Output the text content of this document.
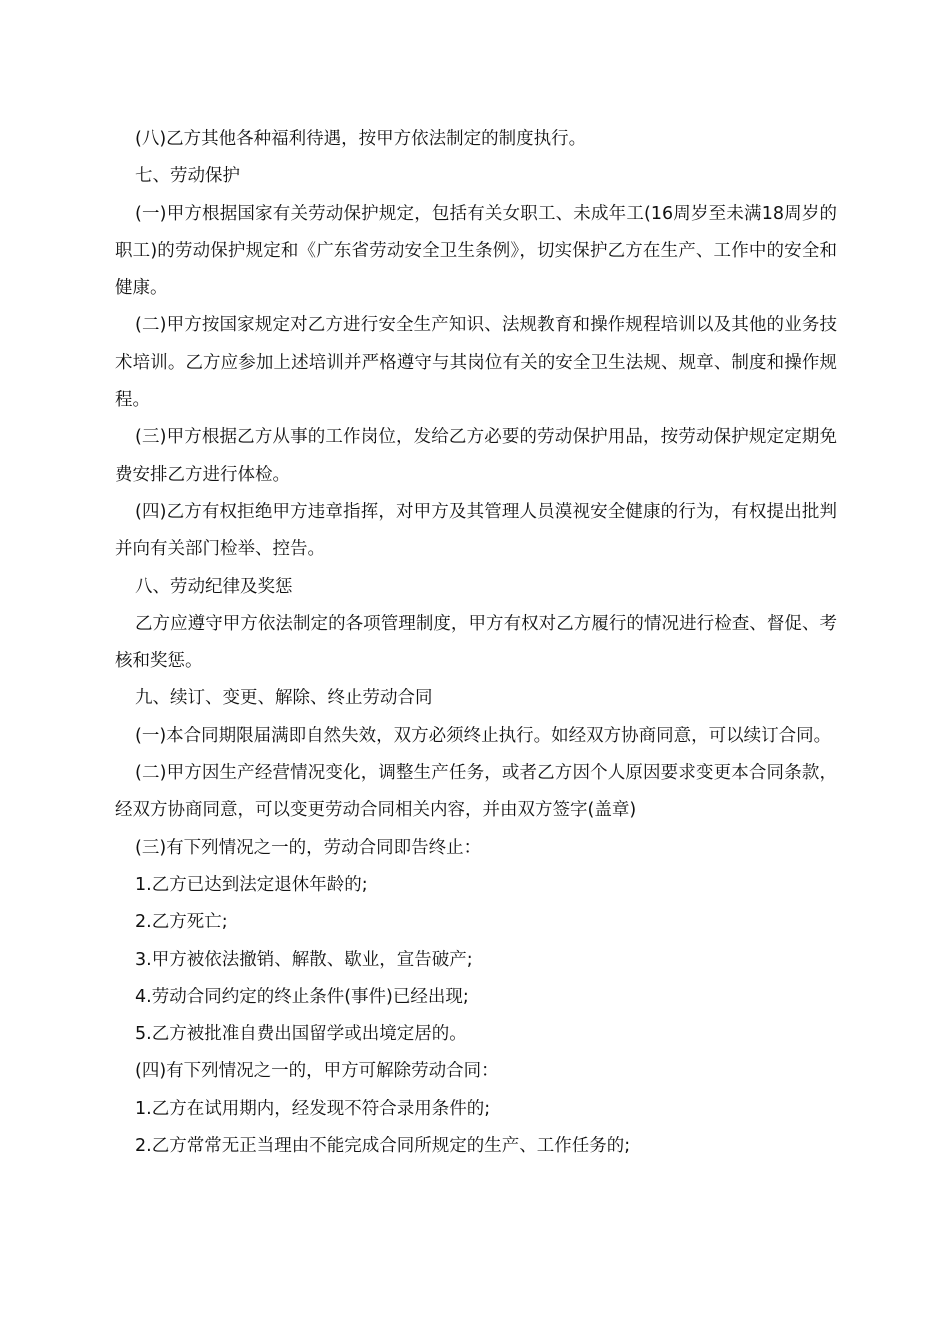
(八)乙方其他各种福利待遇，按甲方依法制定的制度执行。

七、劳动保护

(一)甲方根据国家有关劳动保护规定，包括有关女职工、未成年工(16周岁至未满18周岁的职工)的劳动保护规定和《广东省劳动安全卫生条例》，切实保护乙方在生产、工作中的安全和健康。

(二)甲方按国家规定对乙方进行安全生产知识、法规教育和操作规程培训以及其他的业务技术培训。乙方应参加上述培训并严格遵守与其岗位有关的安全卫生法规、规章、制度和操作规程。

(三)甲方根据乙方从事的工作岗位，发给乙方必要的劳动保护用品，按劳动保护规定定期免费安排乙方进行体检。

(四)乙方有权拒绝甲方违章指挥，对甲方及其管理人员漠视安全健康的行为，有权提出批判并向有关部门检举、控告。

八、劳动纪律及奖惩

乙方应遵守甲方依法制定的各项管理制度，甲方有权对乙方履行的情况进行检查、督促、考核和奖惩。

九、续订、变更、解除、终止劳动合同

(一)本合同期限届满即自然失效，双方必须终止执行。如经双方协商同意，可以续订合同。

(二)甲方因生产经营情况变化，调整生产任务，或者乙方因个人原因要求变更本合同条款，经双方协商同意，可以变更劳动合同相关内容，并由双方签字(盖章)

(三)有下列情况之一的，劳动合同即告终止：

1.乙方已达到法定退休年龄的;

2.乙方死亡;

3.甲方被依法撤销、解散、歇业，宣告破产;

4.劳动合同约定的终止条件(事件)已经出现;

5.乙方被批准自费出国留学或出境定居的。

(四)有下列情况之一的，甲方可解除劳动合同：

1.乙方在试用期内，经发现不符合录用条件的;

2.乙方常常无正当理由不能完成合同所规定的生产、工作任务的;
